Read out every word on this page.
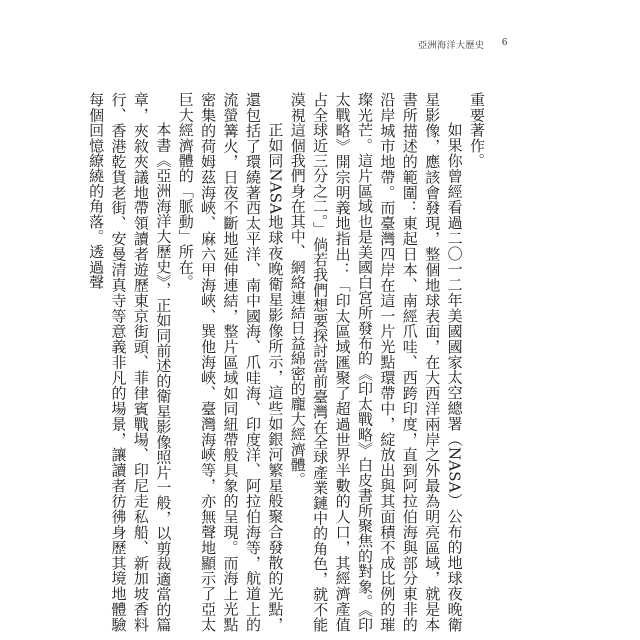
亞洲海洋大歷史 6

重要著作。

如果你曾經看過二〇一二年美國國家太空總署（NASA）公布的地球夜晚衛星影像，應該會發現，整個地球表面，在大西洋兩岸之外最為明亮區域，就是本書所描述的範圍：東起日本、南經爪哇、西跨印度，直到阿拉伯海與部分東非的沿岸城市地帶。而臺灣四岸在這一片光點環帶中，綻放出與其面積不成比例的璀璨光芒。這片區域也是美國白宮所發布的《印太戰略》白皮書所聚焦的對象。《印太戰略》開宗明義地指出：「印太區域匯聚了超過世界半數的人口，其經濟產值占全球近三分之二。」倘若我們想要探討當前臺灣在全球產業鏈中的角色，就不能漠視這個我們身在其中、網絡連結日益綿密的龐大經濟體。

正如同NASA地球夜晚衛星影像所示，這些如銀河繁星般聚合發散的光點，還包括了環繞著西太平洋、南中國海、爪哇海、印度洋、阿拉伯海等，航道上的流螢篝火，日夜不斷地延伸連結，整片區域如同紐帶般具象的呈現。而海上光點密集的荷姆茲海峽、麻六甲海峽、巽他海峽、臺灣海峽等，亦無聲地顯示了亞太巨大經濟體的「脈動」所在。

本書《亞洲海洋大歷史》，正如同前述的衛星影像照片一般，以剪裁適當的篇章，夾敘夾議地帶領讀者遊歷東京街頭、菲律賓戰場、印尼走私船、新加坡香料行、香港乾貨老街、安曼清真寺等意義非凡的場景，讓讀者彷彿身歷其境地體驗每個回憶繚繞的角落。透過聲
